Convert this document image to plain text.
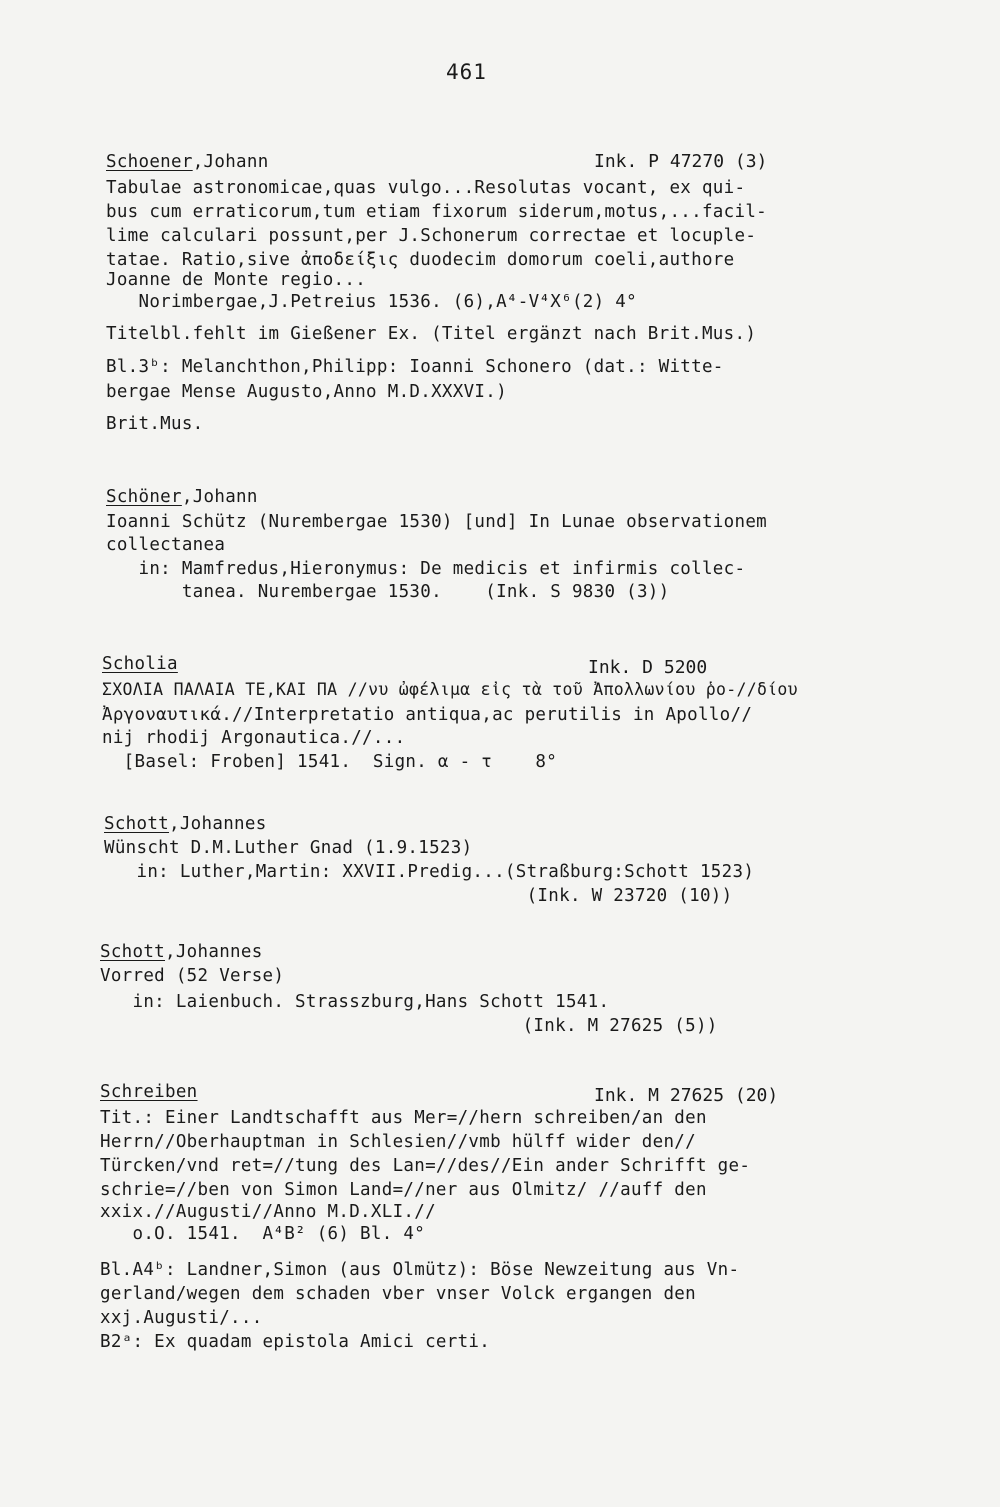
461
Schoener,Johann	Ink. P 47270 (3)
Tabulae astronomicae,quas vulgo...Resolutas vocant, ex qui-
bus cum erraticorum,tum etiam fixorum siderum,motus,...facil-
lime calculari possunt,per J.Schonerum correctae et locuple-
tatae. Ratio,sive ἀποδείξις duodecim domorum coeli,authore
Joanne de Monte regio...
Norimbergae,J.Petreius 1536. (6),A⁴-V⁴X⁶(2) 4°
Titelbl.fehlt im Gießener Ex. (Titel ergänzt nach Brit.Mus.)
Bl.3ᵇ: Melanchthon,Philipp: Ioanni Schonero (dat.: Witte-
bergae Mense Augusto,Anno M.D.XXXVI.)
Brit.Mus.
Schöner,Johann
Ioanni Schütz (Nurembergae 1530) [und] In Lunae observationem
collectanea
in: Mamfredus,Hieronymus: De medicis et infirmis collec-
tanea. Nurembergae 1530.    (Ink. S 9830 (3))
Scholia	Ink. D 5200
ΣΧΟΛΙΑ ΠΑΛΑΙΑ ΤΕ,ΚΑΙ ΠΑ //νυ ὠφέλιμα εἰς τὰ τοῦ Ἀπολλωνίου ῥο-//δίου
Ἀργοναυτικά.//Interpretatio antiqua,ac perutilis in Apollo//
nij rhodij Argonautica.//...
[Basel: Froben] 1541.  Sign. α - τ    8°
Schott,Johannes
Wünscht D.M.Luther Gnad (1.9.1523)
in: Luther,Martin: XXVII.Predig...(Straßburg:Schott 1523)
(Ink. W 23720 (10))
Schott,Johannes
Vorred (52 Verse)
in: Laienbuch. Strasszburg,Hans Schott 1541.
(Ink. M 27625 (5))
Schreiben	Ink. M 27625 (20)
Tit.: Einer Landtschafft aus Mer=//hern schreiben/an den
Herrn//Oberhauptman in Schlesien//vmb hülff wider den//
Türcken/vnd ret=//tung des Lan=//des//Ein ander Schrifft ge-
schrie=//ben von Simon Land=//ner aus Olmitz/ //auff den
xxix.//Augusti//Anno M.D.XLI.//
o.O. 1541.  A⁴B² (6) Bl. 4°
Bl.A4ᵇ: Landner,Simon (aus Olmütz): Böse Newzeitung aus Vn-
gerland/wegen dem schaden vber vnser Volck ergangen den
xxj.Augusti/...
B2ᵃ: Ex quadam epistola Amici certi.
